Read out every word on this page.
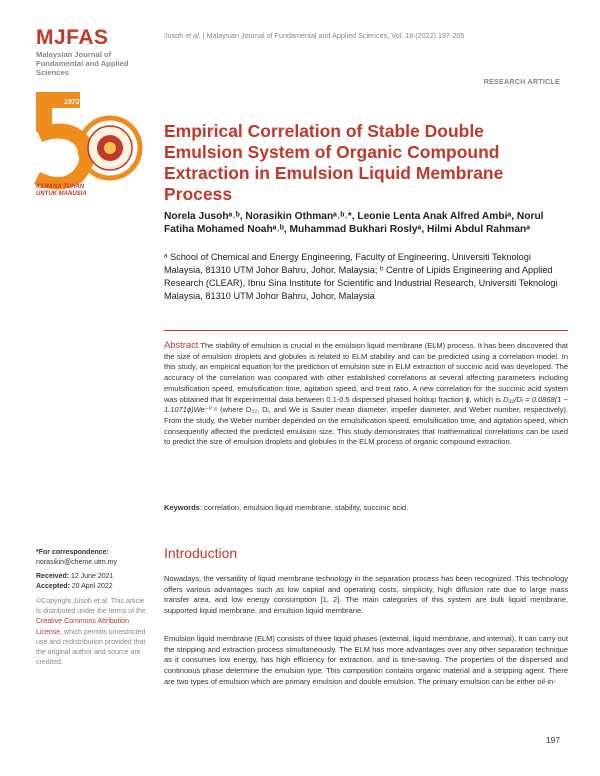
MJFAS
Malaysian Journal of Fundamental and Applied Sciences
Jusoh et al. | Malaysian Journal of Fundamental and Applied Sciences, Vol. 18 (2022) 197-205
RESEARCH ARTICLE
1972-2022
KERANA TUHAN
UNTUK MANUSIA
Empirical Correlation of Stable Double Emulsion System of Organic Compound Extraction in Emulsion Liquid Membrane Process
Norela Jusohᵃ˒ᵇ, Norasikin Othmanᵃ˒ᵇ˒*, Leonie Lenta Anak Alfred Ambiᵃ, Norul Fatiha Mohamed Noahᵃ˒ᵇ, Muhammad Bukhari Roslyᵃ, Hilmi Abdul Rahmanᵃ
ᵃ School of Chemical and Energy Engineering, Faculty of Engineering, Universiti Teknologi Malaysia, 81310 UTM Johor Bahru, Johor, Malaysia; ᵇ Centre of Lipids Engineering and Applied Research (CLEAR), Ibnu Sina Institute for Scientific and Industrial Research, Universiti Teknologi Malaysia, 81310 UTM Johor Bahru, Johor, Malaysia
Abstract The stability of emulsion is crucial in the emulsion liquid membrane (ELM) process. It has been discovered that the size of emulsion droplets and globules is related to ELM stability and can be predicted using a correlation model. In this study, an empirical equation for the prediction of emulsion size in ELM extraction of succinic acid was developed. The accuracy of the correlation was compared with other established correlations at several affecting parameters including emulsification speed, emulsification time, agitation speed, and treat ratio. A new correlation for the succinic acid system was obtained that fit experimental data between 0.1-0.5 dispersed phased holdup fraction ϕ, which is D₃₂/Dᵢ = 0.0868(1 − 1.1071ϕ)We⁻⁰·⁶ (where D₃₂, Dᵢ, and We is Sauter mean diameter, impeller diameter, and Weber number, respectively). From the study, the Weber number depended on the emulsification speed, emulsification time, and agitation speed, which consequently affected the predicted emulsion size. This study demonstrates that mathematical correlations can be used to predict the size of emulsion droplets and globules in the ELM process of organic compound extraction.
Keywords: correlation, emulsion liquid membrane, stability, succinic acid.
*For correspondence:
norasikin@cheme.utm.my
Received: 12 June 2021
Accepted: 20 April 2022
©Copyright Jusoh et al. This article is distributed under the terms of the Creative Commons Attribution License, which permits unrestricted use and redistribution provided that the original author and source are credited.
Introduction

Nowadays, the versatility of liquid membrane technology in the separation process has been recognized. This technology offers various advantages such as low capital and operating costs, simplicity, high diffusion rate due to large mass transfer area, and low energy consumption [1, 2]. The main categories of this system are bulk liquid membrane, supported liquid membrane, and emulsion liquid membrane.

Emulsion liquid membrane (ELM) consists of three liquid phases (external, liquid membrane, and internal). It can carry out the stripping and extraction process simultaneously. The ELM has more advantages over any other separation technique as it consumes low energy, has high efficiency for extraction, and is time-saving. The properties of the dispersed and continuous phase determine the emulsion type. This composition contains organic material and a stripping agent. There are two types of emulsion which are primary emulsion and double emulsion. The primary emulsion can be either oil-in-

197
